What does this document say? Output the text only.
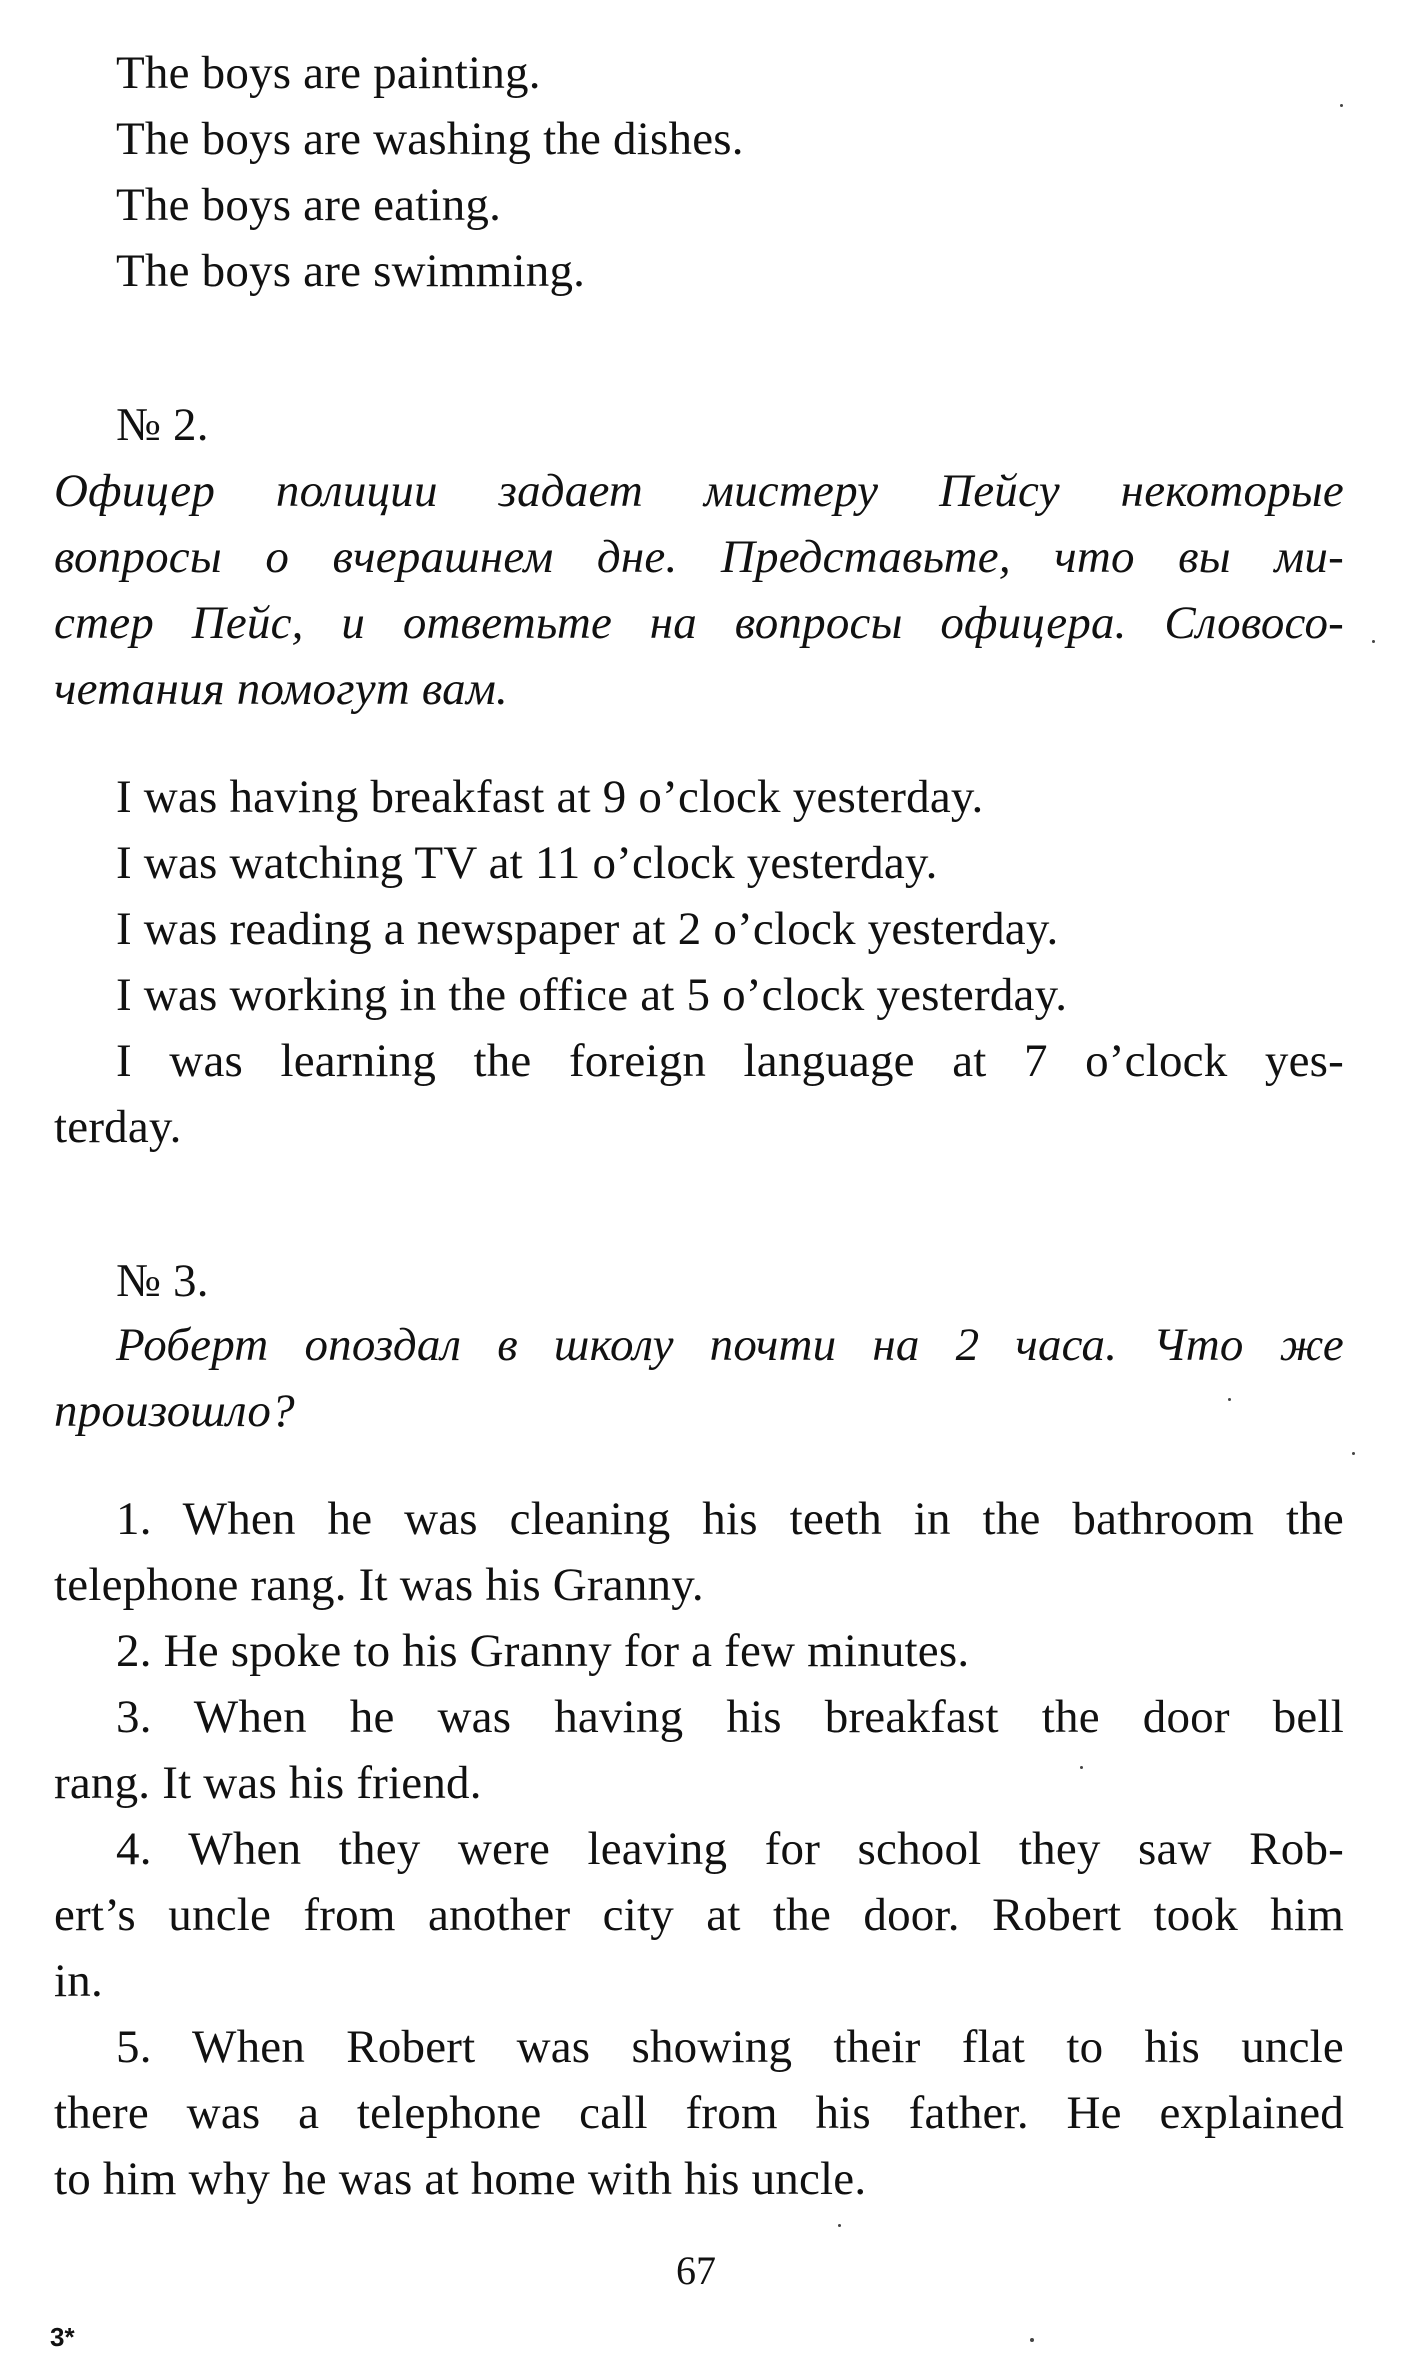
The boys are painting.
The boys are washing the dishes.
The boys are eating.
The boys are swimming.
№ 2.
Офицер полиции задает мистеру Пейсу некоторые
вопросы о вчерашнем дне. Представьте, что вы ми-
стер Пейс, и ответьте на вопросы офицера. Словосо-
четания помогут вам.
I was having breakfast at 9 o’clock yesterday.
I was watching TV at 11 o’clock yesterday.
I was reading a newspaper at 2 o’clock yesterday.
I was working in the office at 5 o’clock yesterday.
I was learning the foreign language at 7 o’clock yes-
terday.
№ 3.
Роберт опоздал в школу почти на 2 часа. Что же
произошло?
1. When he was cleaning his teeth in the bathroom the
telephone rang. It was his Granny.
2. He spoke to his Granny for a few minutes.
3. When he was having his breakfast the door bell
rang. It was his friend.
4. When they were leaving for school they saw Rob-
ert’s uncle from another city at the door. Robert took him
in.
5. When Robert was showing their flat to his uncle
there was a telephone call from his father. He explained
to him why he was at home with his uncle.
67
3*
